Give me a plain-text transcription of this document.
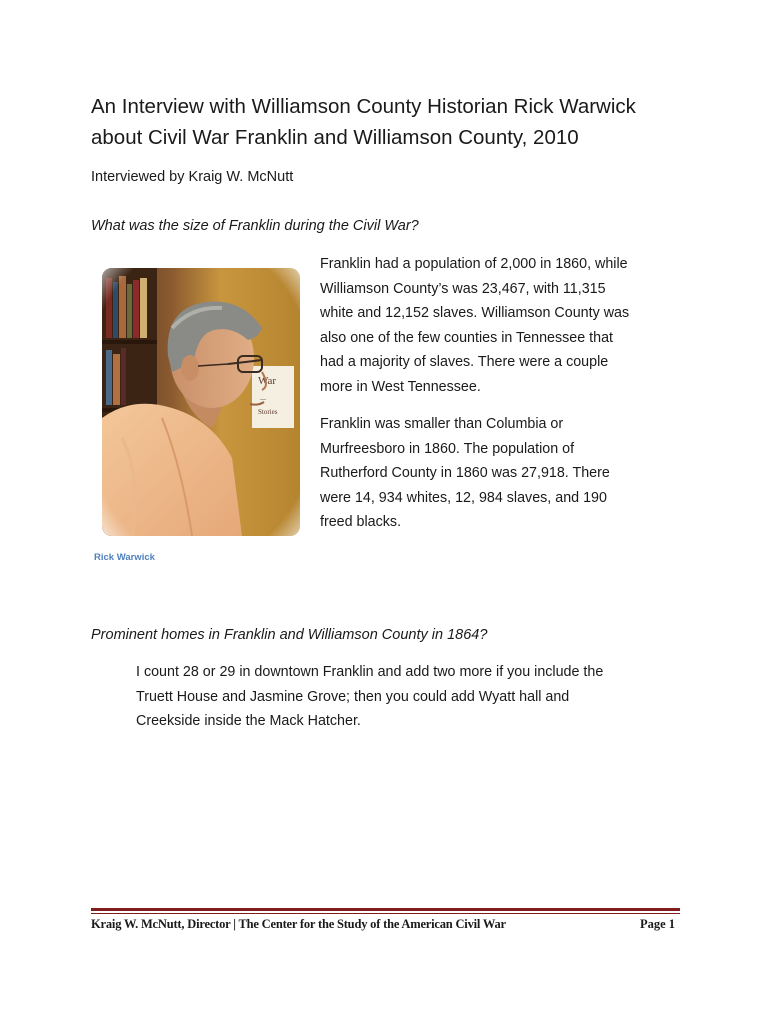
An Interview with Williamson County Historian Rick Warwick
about Civil War Franklin and Williamson County, 2010
Interviewed by Kraig W. McNutt
What was the size of Franklin during the Civil War?
Rick Warwick
Franklin had a population of 2,000 in 1860, while
Williamson County’s was 23,467, with 11,315
white and 12,152 slaves. Williamson County was
also one of the few counties in Tennessee that
had a majority of slaves. There were a couple
more in West Tennessee.
Franklin was smaller than Columbia or
Murfreesboro in 1860. The population of
Rutherford County in 1860 was 27,918. There
were 14, 934 whites, 12, 984 slaves, and 190
freed blacks.
Prominent homes in Franklin and Williamson County in 1864?
I count 28 or 29 in downtown Franklin and add two more if you include the
Truett House and Jasmine Grove; then you could add Wyatt hall and
Creekside inside the Mack Hatcher.
Kraig W. McNutt, Director | The Center for the Study of the American Civil War	Page 1
